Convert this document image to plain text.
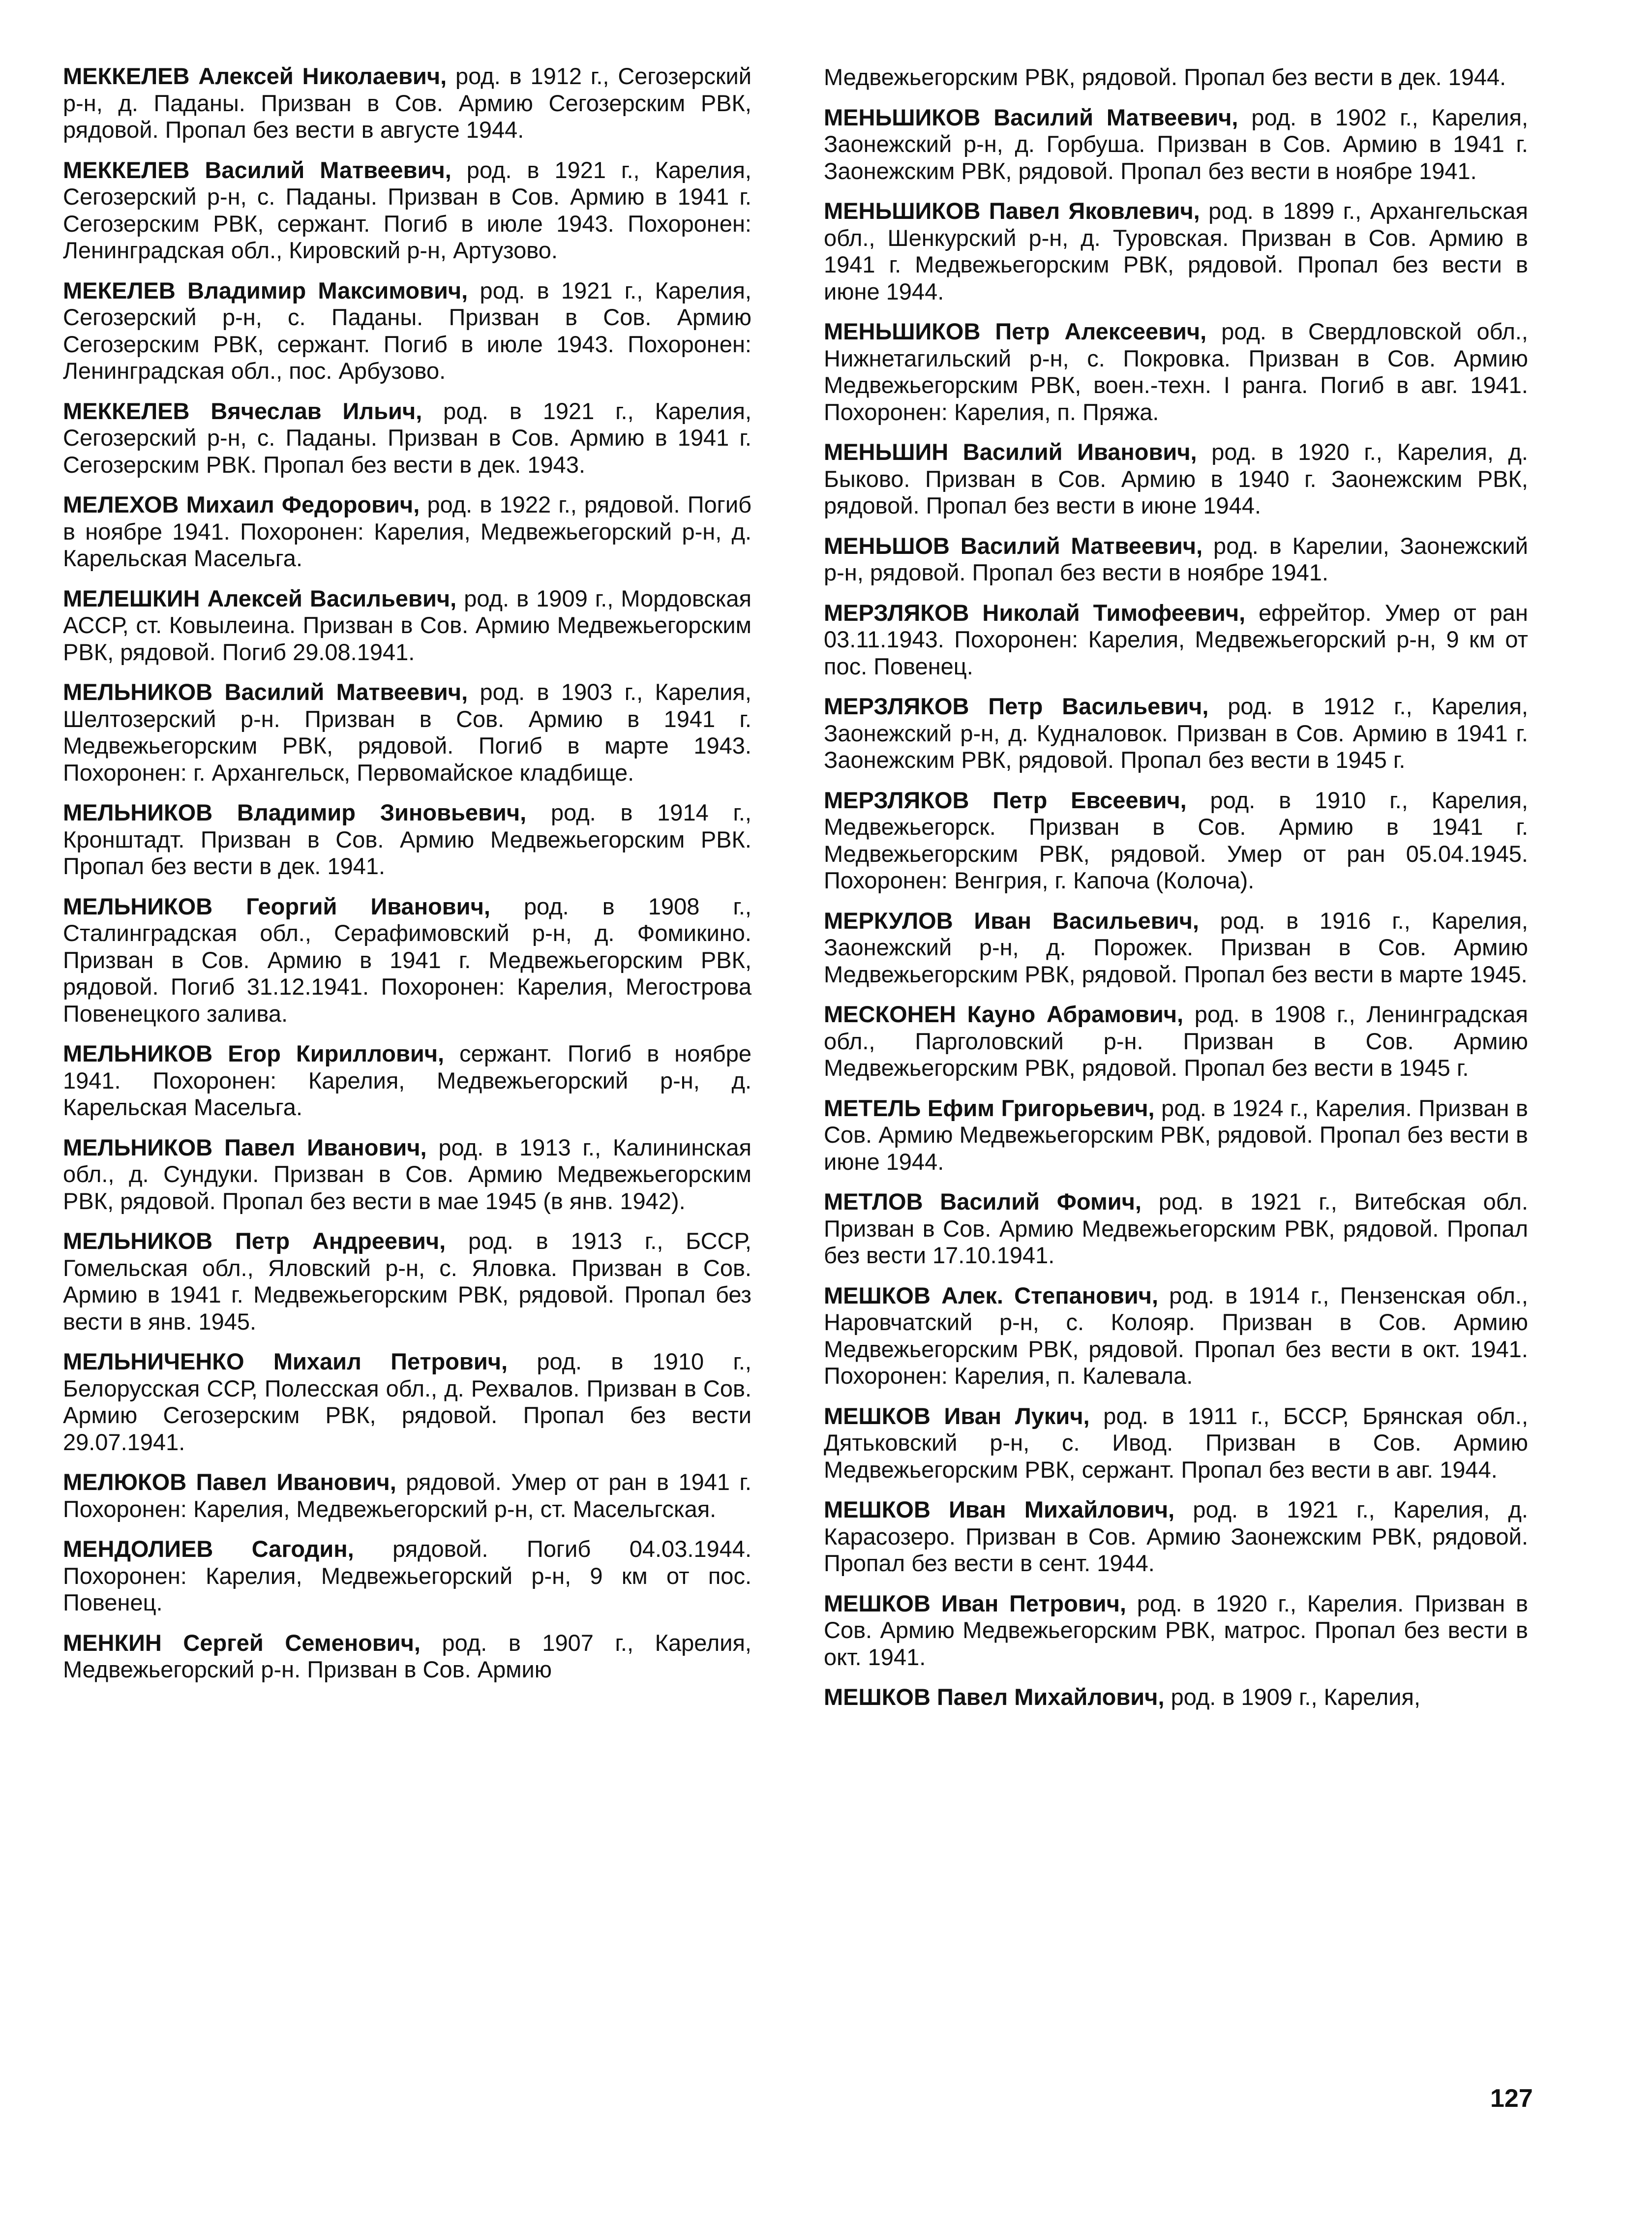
МЕККЕЛЕВ Алексей Николаевич, род. в 1912 г., Сегозерский р-н, д. Паданы. Призван в Сов. Армию Сегозерским РВК, рядовой. Пропал без вести в августе 1944.

МЕККЕЛЕВ Василий Матвеевич, род. в 1921 г., Карелия, Сегозерский р-н, с. Паданы. Призван в Сов. Армию в 1941 г. Сегозерским РВК, сержант. Погиб в июле 1943. Похоронен: Ленинградская обл., Кировский р-н, Артузово.

МЕКЕЛЕВ Владимир Максимович, род. в 1921 г., Карелия, Сегозерский р-н, с. Паданы. Призван в Сов. Армию Сегозерским РВК, сержант. Погиб в июле 1943. Похоронен: Ленинградская обл., пос. Арбузово.

МЕККЕЛЕВ Вячеслав Ильич, род. в 1921 г., Карелия, Сегозерский р-н, с. Паданы. Призван в Сов. Армию в 1941 г. Сегозерским РВК. Пропал без вести в дек. 1943.

МЕЛЕХОВ Михаил Федорович, род. в 1922 г., рядовой. Погиб в ноябре 1941. Похоронен: Карелия, Медвежьегорский р-н, д. Карельская Масельга.

МЕЛЕШКИН Алексей Васильевич, род. в 1909 г., Мордовская АССР, ст. Ковылеина. Призван в Сов. Армию Медвежьегорским РВК, рядовой. Погиб 29.08.1941.

МЕЛЬНИКОВ Василий Матвеевич, род. в 1903 г., Карелия, Шелтозерский р-н. Призван в Сов. Армию в 1941 г. Медвежьегорским РВК, рядовой. Погиб в марте 1943. Похоронен: г. Архангельск, Первомайское кладбище.

МЕЛЬНИКОВ Владимир Зиновьевич, род. в 1914 г., Кронштадт. Призван в Сов. Армию Медвежьегорским РВК. Пропал без вести в дек. 1941.

МЕЛЬНИКОВ Георгий Иванович, род. в 1908 г., Сталинградская обл., Серафимовский р-н, д. Фомикино. Призван в Сов. Армию в 1941 г. Медвежьегорским РВК, рядовой. Погиб 31.12.1941. Похоронен: Карелия, Мегострова Повенецкого залива.

МЕЛЬНИКОВ Егор Кириллович, сержант. Погиб в ноябре 1941. Похоронен: Карелия, Медвежьегорский р-н, д. Карельская Масельга.

МЕЛЬНИКОВ Павел Иванович, род. в 1913 г., Калининская обл., д. Сундуки. Призван в Сов. Армию Медвежьегорским РВК, рядовой. Пропал без вести в мае 1945 (в янв. 1942).

МЕЛЬНИКОВ Петр Андреевич, род. в 1913 г., БССР, Гомельская обл., Яловский р-н, с. Яловка. Призван в Сов. Армию в 1941 г. Медвежьегорским РВК, рядовой. Пропал без вести в янв. 1945.

МЕЛЬНИЧЕНКО Михаил Петрович, род. в 1910 г., Белорусская ССР, Полесская обл., д. Рехвалов. Призван в Сов. Армию Сегозерским РВК, рядовой. Пропал без вести 29.07.1941.

МЕЛЮКОВ Павел Иванович, рядовой. Умер от ран в 1941 г. Похоронен: Карелия, Медвежьегорский р-н, ст. Масельгская.

МЕНДОЛИЕВ Сагодин, рядовой. Погиб 04.03.1944. Похоронен: Карелия, Медвежьегорский р-н, 9 км от пос. Повенец.

МЕНКИН Сергей Семенович, род. в 1907 г., Карелия, Медвежьегорский р-н. Призван в Сов. Армию

Медвежьегорским РВК, рядовой. Пропал без вести в дек. 1944.

МЕНЬШИКОВ Василий Матвеевич, род. в 1902 г., Карелия, Заонежский р-н, д. Горбуша. Призван в Сов. Армию в 1941 г. Заонежским РВК, рядовой. Пропал без вести в ноябре 1941.

МЕНЬШИКОВ Павел Яковлевич, род. в 1899 г., Архангельская обл., Шенкурский р-н, д. Туровская. Призван в Сов. Армию в 1941 г. Медвежьегорским РВК, рядовой. Пропал без вести в июне 1944.

МЕНЬШИКОВ Петр Алексеевич, род. в Свердловской обл., Нижнетагильский р-н, с. Покровка. Призван в Сов. Армию Медвежьегорским РВК, воен.-техн. I ранга. Погиб в авг. 1941. Похоронен: Карелия, п. Пряжа.

МЕНЬШИН Василий Иванович, род. в 1920 г., Карелия, д. Быково. Призван в Сов. Армию в 1940 г. Заонежским РВК, рядовой. Пропал без вести в июне 1944.

МЕНЬШОВ Василий Матвеевич, род. в Карелии, Заонежский р-н, рядовой. Пропал без вести в ноябре 1941.

МЕРЗЛЯКОВ Николай Тимофеевич, ефрейтор. Умер от ран 03.11.1943. Похоронен: Карелия, Медвежьегорский р-н, 9 км от пос. Повенец.

МЕРЗЛЯКОВ Петр Васильевич, род. в 1912 г., Карелия, Заонежский р-н, д. Кудналовок. Призван в Сов. Армию в 1941 г. Заонежским РВК, рядовой. Пропал без вести в 1945 г.

МЕРЗЛЯКОВ Петр Евсеевич, род. в 1910 г., Карелия, Медвежьегорск. Призван в Сов. Армию в 1941 г. Медвежьегорским РВК, рядовой. Умер от ран 05.04.1945. Похоронен: Венгрия, г. Капоча (Колоча).

МЕРКУЛОВ Иван Васильевич, род. в 1916 г., Карелия, Заонежский р-н, д. Порожек. Призван в Сов. Армию Медвежьегорским РВК, рядовой. Пропал без вести в марте 1945.

МЕСКОНЕН Кауно Абрамович, род. в 1908 г., Ленинградская обл., Парголовский р-н. Призван в Сов. Армию Медвежьегорским РВК, рядовой. Пропал без вести в 1945 г.

МЕТЕЛЬ Ефим Григорьевич, род. в 1924 г., Карелия. Призван в Сов. Армию Медвежьегорским РВК, рядовой. Пропал без вести в июне 1944.

МЕТЛОВ Василий Фомич, род. в 1921 г., Витебская обл. Призван в Сов. Армию Медвежьегорским РВК, рядовой. Пропал без вести 17.10.1941.

МЕШКОВ Алек. Степанович, род. в 1914 г., Пензенская обл., Наровчатский р-н, с. Колояр. Призван в Сов. Армию Медвежьегорским РВК, рядовой. Пропал без вести в окт. 1941. Похоронен: Карелия, п. Калевала.

МЕШКОВ Иван Лукич, род. в 1911 г., БССР, Брянская обл., Дятьковский р-н, с. Ивод. Призван в Сов. Армию Медвежьегорским РВК, сержант. Пропал без вести в авг. 1944.

МЕШКОВ Иван Михайлович, род. в 1921 г., Карелия, д. Карасозеро. Призван в Сов. Армию Заонежским РВК, рядовой. Пропал без вести в сент. 1944.

МЕШКОВ Иван Петрович, род. в 1920 г., Карелия. Призван в Сов. Армию Медвежьегорским РВК, матрос. Пропал без вести в окт. 1941.

МЕШКОВ Павел Михайлович, род. в 1909 г., Карелия,

127
